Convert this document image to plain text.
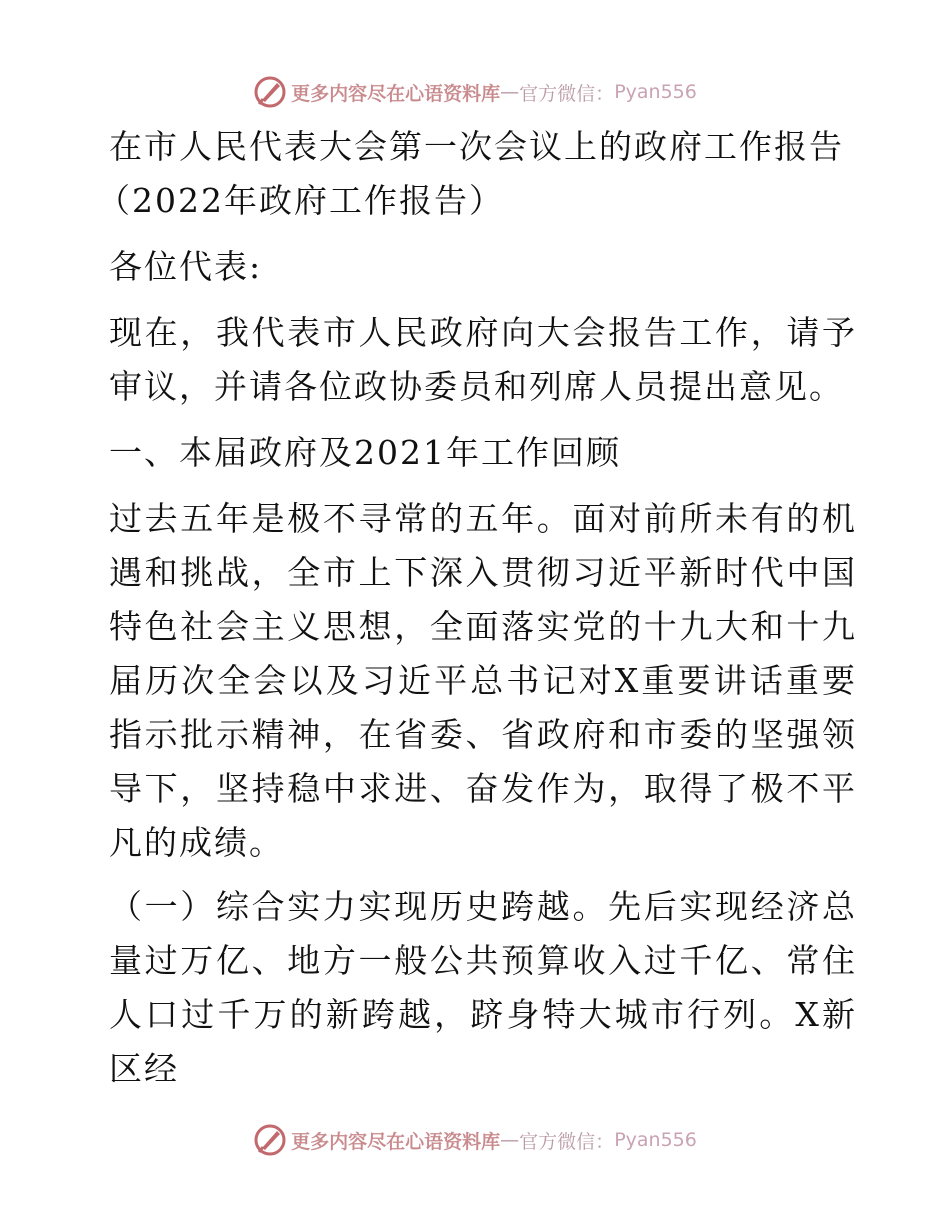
更多内容尽在心语资料库 — 官方微信： Pyan556

在市人民代表大会第一次会议上的政府工作报告

（2022年政府工作报告）

各位代表:

现在，我代表市人民政府向大会报告工作，请予审议，并请各位政协委员和列席人员提出意见。

一、本届政府及2021年工作回顾

过去五年是极不寻常的五年。面对前所未有的机遇和挑战，全市上下深入贯彻习近平新时代中国特色社会主义思想，全面落实党的十九大和十九届历次全会以及习近平总书记对X重要讲话重要指示批示精神，在省委、省政府和市委的坚强领导下，坚持稳中求进、奋发作为，取得了极不平凡的成绩。

（一）综合实力实现历史跨越。先后实现经济总量过万亿、地方一般公共预算收入过千亿、常住人口过千万的新跨越，跻身特大城市行列。X新区经

更多内容尽在心语资料库 — 官方微信： Pyan556
